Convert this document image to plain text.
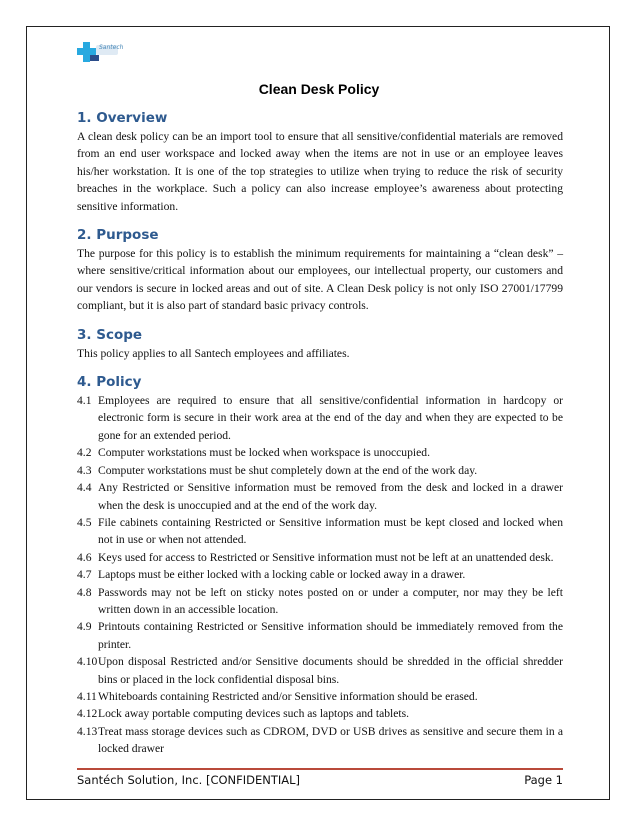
Santech
Clean Desk Policy
1. Overview
A clean desk policy can be an import tool to ensure that all sensitive/confidential materials are removed from an end user workspace and locked away when the items are not in use or an employee leaves his/her workstation. It is one of the top strategies to utilize when trying to reduce the risk of security breaches in the workplace. Such a policy can also increase employee’s awareness about protecting sensitive information.
2. Purpose
The purpose for this policy is to establish the minimum requirements for maintaining a “clean desk” – where sensitive/critical information about our employees, our intellectual property, our customers and our vendors is secure in locked areas and out of site. A Clean Desk policy is not only ISO 27001/17799 compliant, but it is also part of standard basic privacy controls.
3. Scope
This policy applies to all Santech employees and affiliates.
4. Policy
4.1 Employees are required to ensure that all sensitive/confidential information in hardcopy or electronic form is secure in their work area at the end of the day and when they are expected to be gone for an extended period.
4.2 Computer workstations must be locked when workspace is unoccupied.
4.3 Computer workstations must be shut completely down at the end of the work day.
4.4 Any Restricted or Sensitive information must be removed from the desk and locked in a drawer when the desk is unoccupied and at the end of the work day.
4.5 File cabinets containing Restricted or Sensitive information must be kept closed and locked when not in use or when not attended.
4.6 Keys used for access to Restricted or Sensitive information must not be left at an unattended desk.
4.7 Laptops must be either locked with a locking cable or locked away in a drawer.
4.8 Passwords may not be left on sticky notes posted on or under a computer, nor may they be left written down in an accessible location.
4.9 Printouts containing Restricted or Sensitive information should be immediately removed from the printer.
4.10 Upon disposal Restricted and/or Sensitive documents should be shredded in the official shredder bins or placed in the lock confidential disposal bins.
4.11 Whiteboards containing Restricted and/or Sensitive information should be erased.
4.12 Lock away portable computing devices such as laptops and tablets.
4.13 Treat mass storage devices such as CDROM, DVD or USB drives as sensitive and secure them in a locked drawer
Santéch Solution, Inc. [CONFIDENTIAL]	Page 1
